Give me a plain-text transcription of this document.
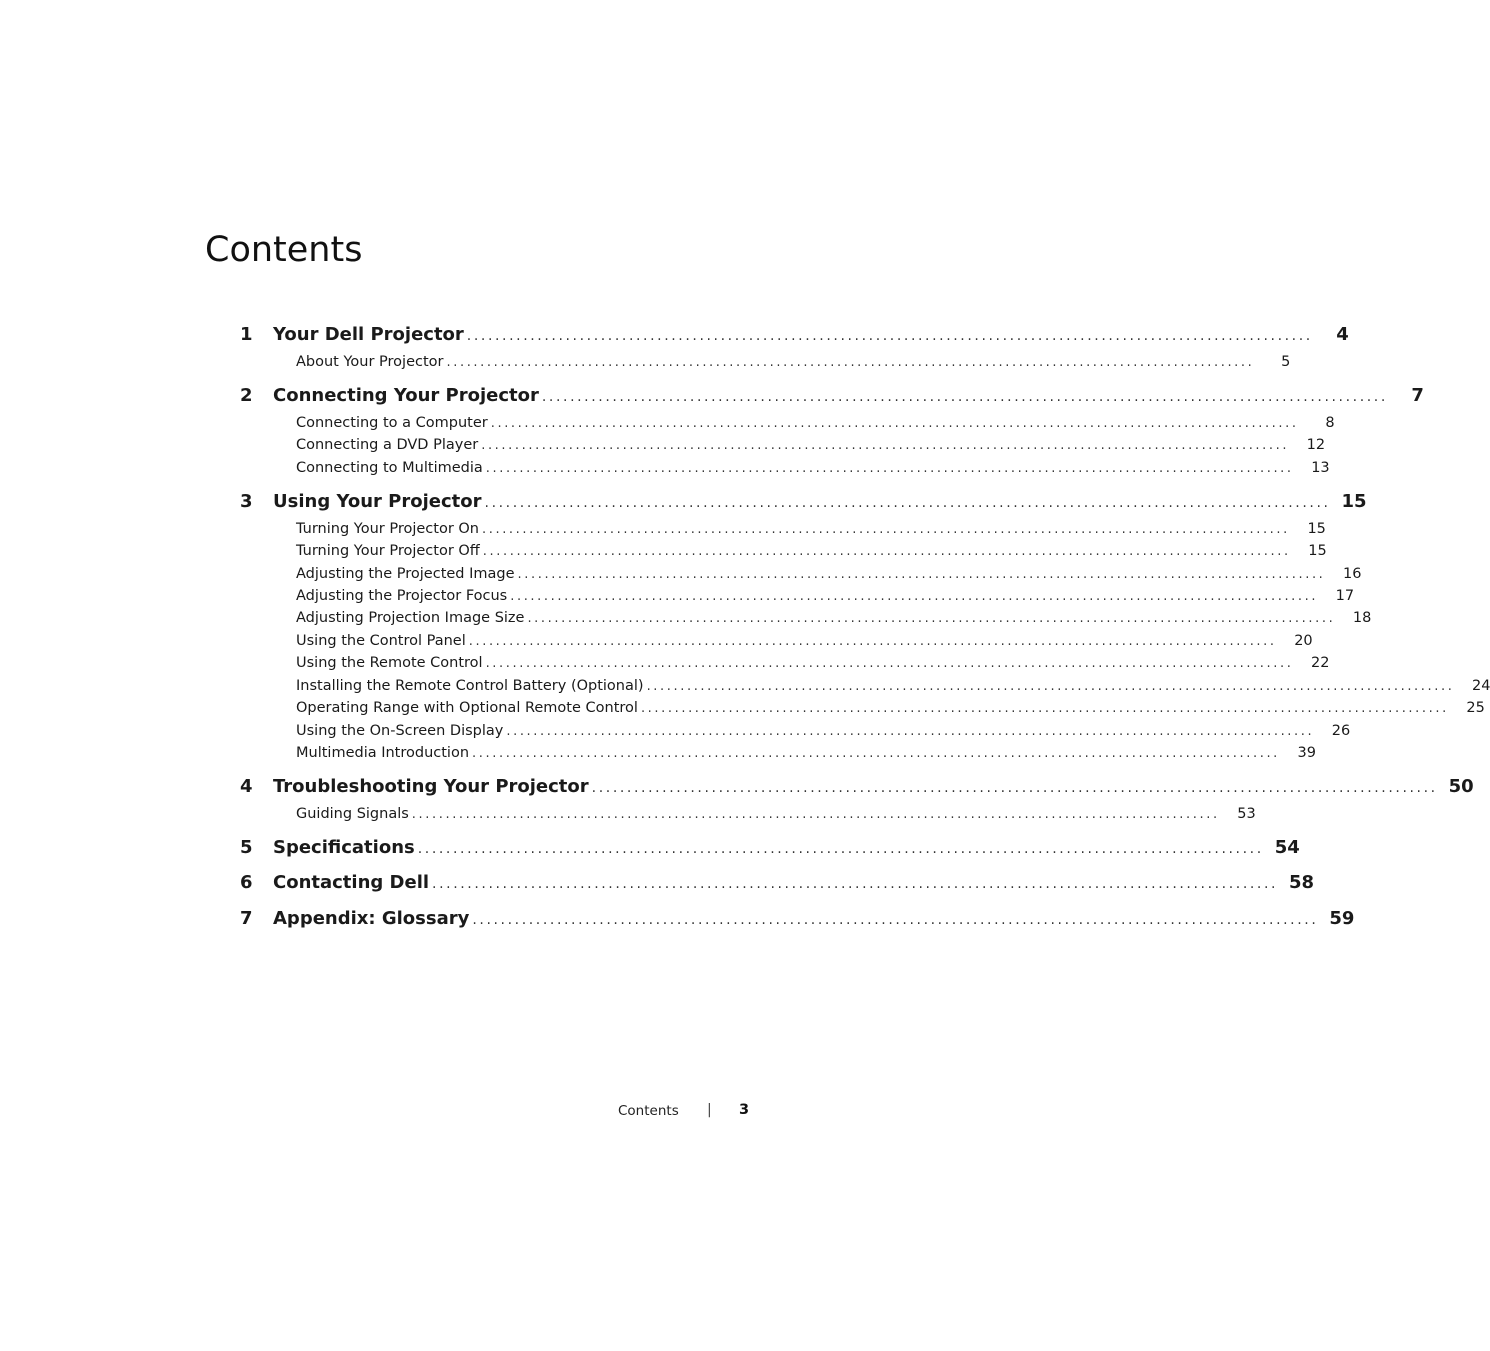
Contents
1 Your Dell Projector ........................................................................................................................	4
About Your Projector ........................................................................................................................	5
2 Connecting Your Projector ........................................................................................................................	7
Connecting to a Computer ........................................................................................................................	8
Connecting a DVD Player ........................................................................................................................	12
Connecting to Multimedia ........................................................................................................................	13
3 Using Your Projector ........................................................................................................................ 15
Turning Your Projector On ........................................................................................................................	15
Turning Your Projector Off ........................................................................................................................	15
Adjusting the Projected Image ........................................................................................................................	16
Adjusting the Projector Focus ........................................................................................................................	17
Adjusting Projection Image Size ........................................................................................................................	18
Using the Control Panel ........................................................................................................................	20
Using the Remote Control ........................................................................................................................	22
Installing the Remote Control Battery (Optional) ........................................................................................................................	24
Operating Range with Optional Remote Control ........................................................................................................................	25
Using the On-Screen Display ........................................................................................................................	26
Multimedia Introduction ........................................................................................................................	39
4 Troubleshooting Your Projector ........................................................................................................................ 50
Guiding Signals ........................................................................................................................	53
5 Specifications ........................................................................................................................ 54
6 Contacting Dell ........................................................................................................................ 58
7 Appendix: Glossary ........................................................................................................................ 59
Contents | 3
